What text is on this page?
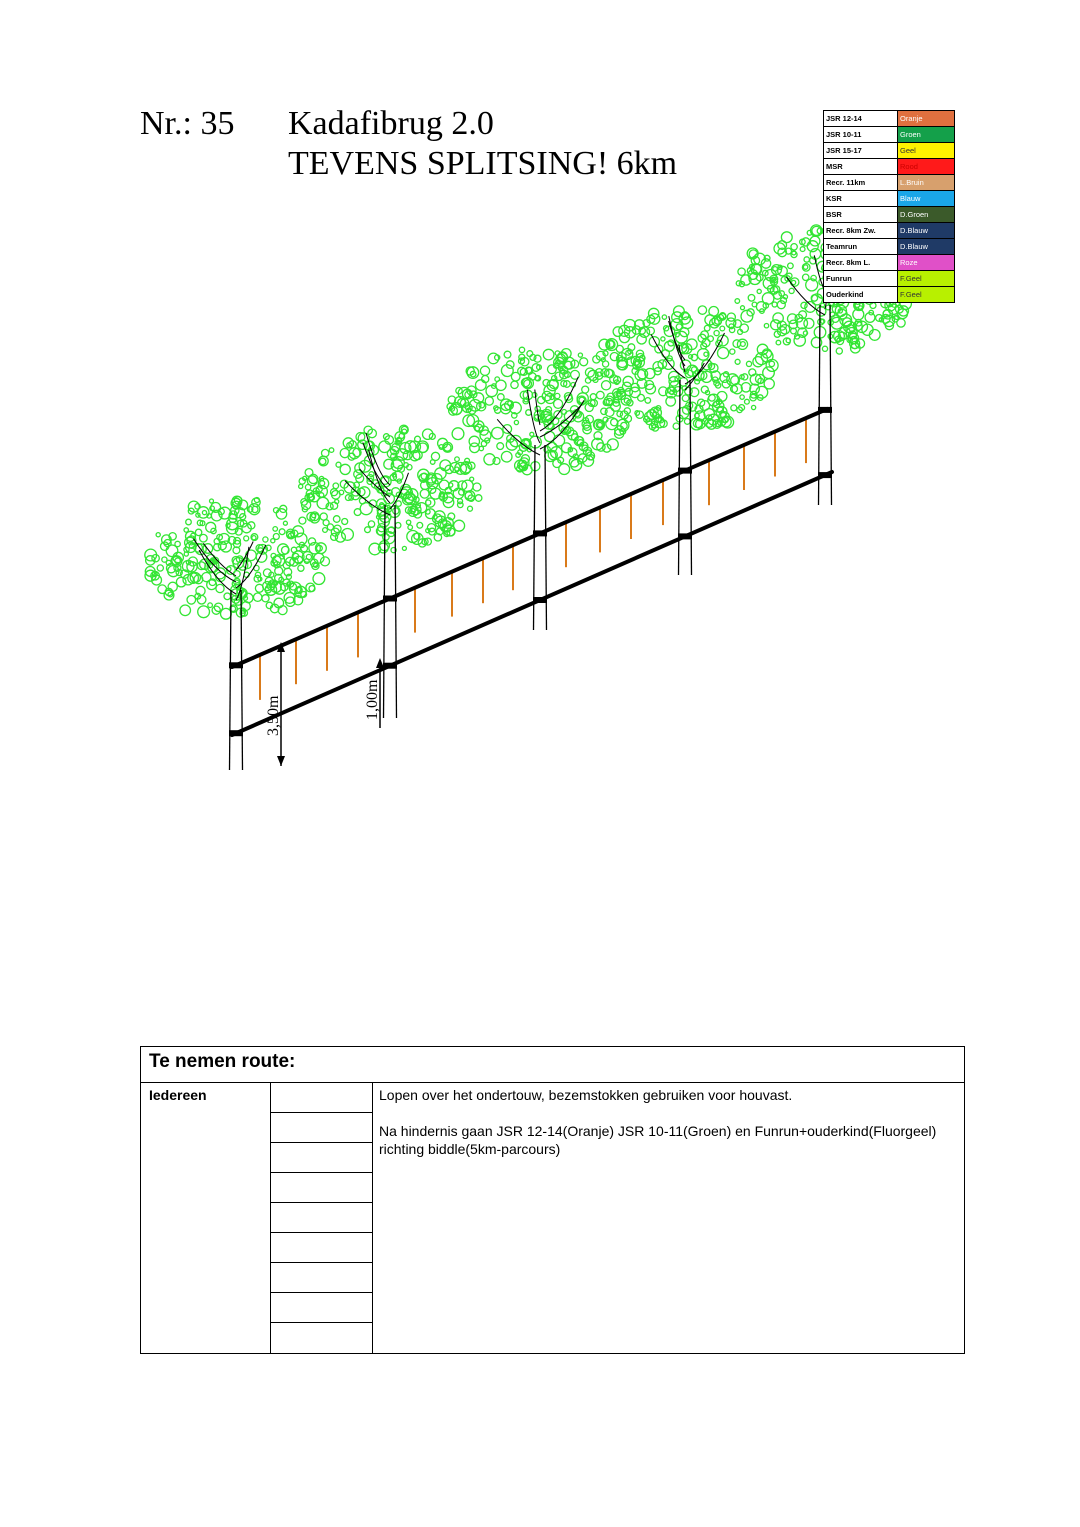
Nr.: 35 Kadafibrug 2.0
TEVENS SPLITSING! 6km
3,50m	1,00m
JSR 12-14	Oranje
JSR 10-11	Groen
JSR 15-17	Geel
MSR	Rood
Recr. 11km	L.Bruin
KSR	Blauw
BSR	D.Groen
Recr. 8km Zw.	D.Blauw
Teamrun	D.Blauw
Recr. 8km L.	Roze
Funrun	F.Geel
Ouderkind	F.Geel
Te nemen route:
Iedereen		Lopen over het ondertouw, bezemstokken gebruiken voor houvast.

Na hindernis gaan JSR 12-14(Oranje) JSR 10-11(Groen) en Funrun+ouderkind(Fluorgeel) richting biddle(5km-parcours)
